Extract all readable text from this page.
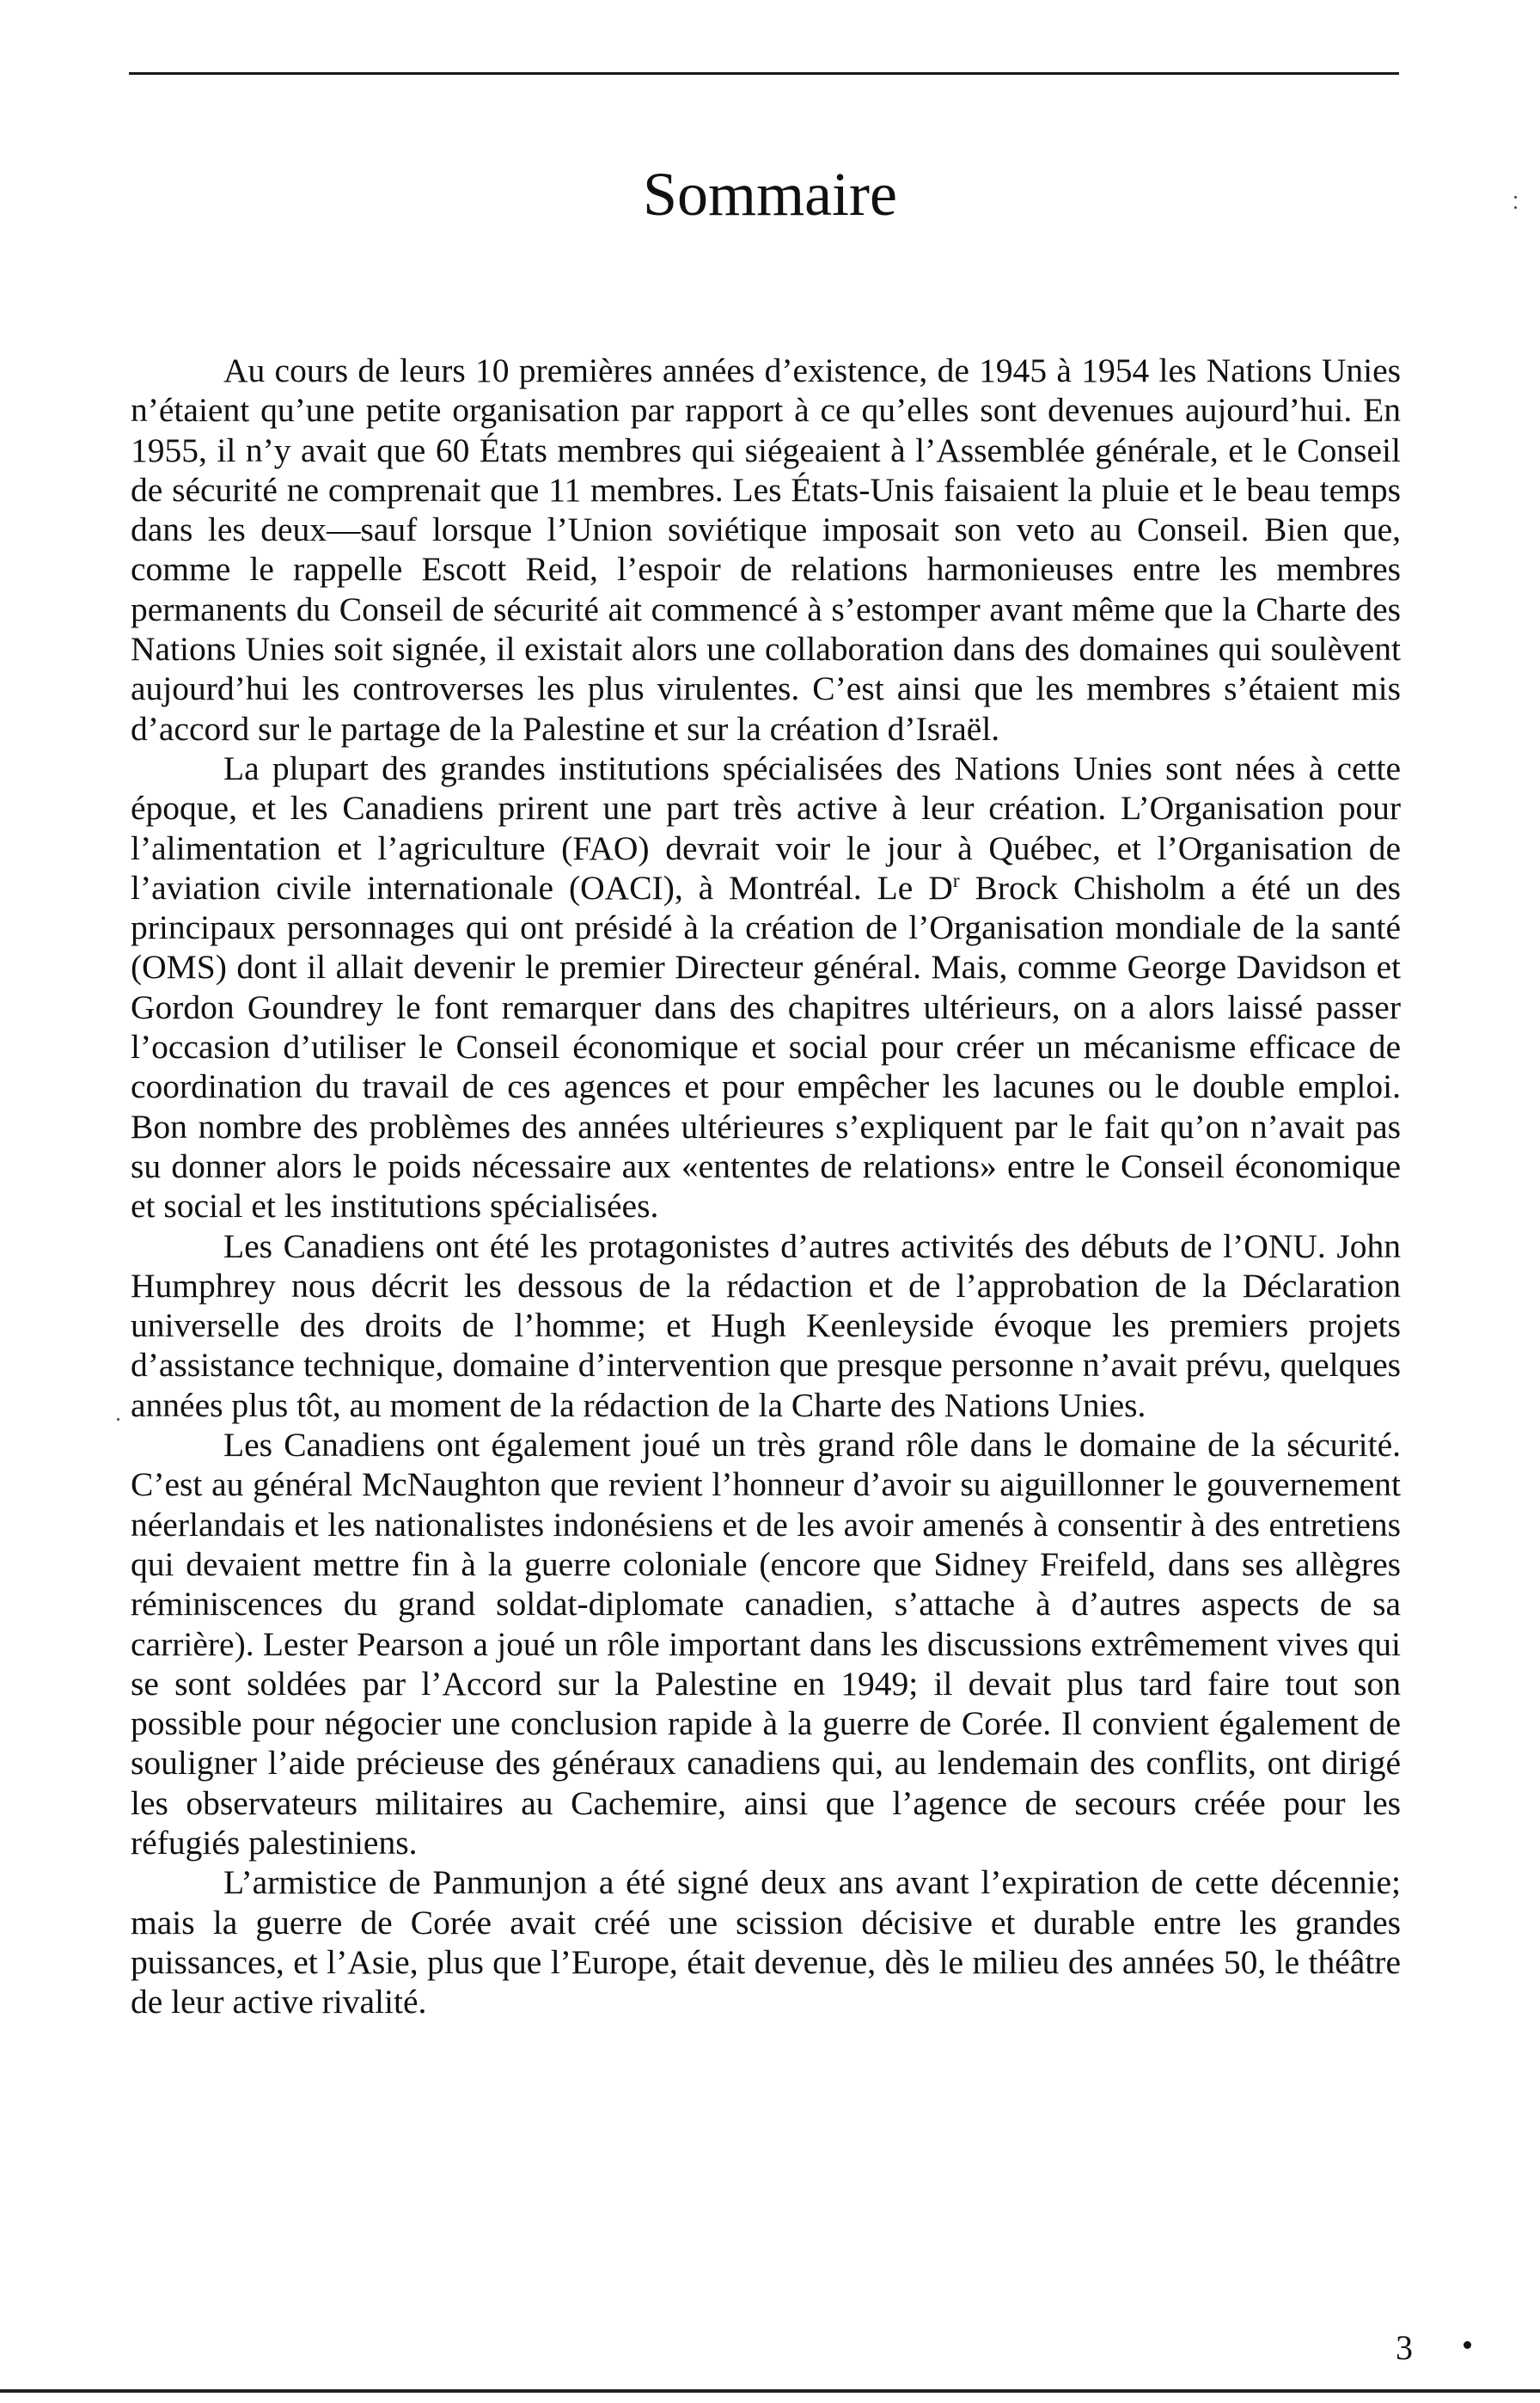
Sommaire

Au cours de leurs 10 premières années d’existence, de 1945 à 1954 les Nations Unies n’étaient qu’une petite organisation par rapport à ce qu’elles sont devenues aujourd’hui. En 1955, il n’y avait que 60 États membres qui siégeaient à l’Assemblée générale, et le Conseil de sécurité ne comprenait que 11 membres. Les États-Unis faisaient la pluie et le beau temps dans les deux—sauf lorsque l’Union soviétique imposait son veto au Conseil. Bien que, comme le rappelle Escott Reid, l’espoir de relations harmonieuses entre les membres permanents du Conseil de sécurité ait commencé à s’estomper avant même que la Charte des Nations Unies soit signée, il existait alors une collaboration dans des domaines qui soulèvent aujourd’hui les controverses les plus virulentes. C’est ainsi que les membres s’étaient mis d’accord sur le partage de la Palestine et sur la création d’Israël.

La plupart des grandes institutions spécialisées des Nations Unies sont nées à cette époque, et les Canadiens prirent une part très active à leur création. L’Organisation pour l’alimentation et l’agriculture (FAO) devrait voir le jour à Québec, et l’Organisation de l’aviation civile internationale (OACI), à Montréal. Le $D^r$ Brock Chisholm a été un des principaux personnages qui ont présidé à la création de l’Organisation mondiale de la santé (OMS) dont il allait devenir le premier Directeur général. Mais, comme George Davidson et Gordon Goundrey le font remarquer dans des chapitres ultérieurs, on a alors laissé passer l’occasion d’utiliser le Conseil économique et social pour créer un mécanisme efficace de coordination du travail de ces agences et pour empêcher les lacunes ou le double emploi. Bon nombre des problèmes des années ultérieures s’expliquent par le fait qu’on n’avait pas su donner alors le poids nécessaire aux «ententes de relations» entre le Conseil économique et social et les institutions spécialisées.

Les Canadiens ont été les protagonistes d’autres activités des débuts de l’ONU. John Humphrey nous décrit les dessous de la rédaction et de l’approbation de la Déclaration universelle des droits de l’homme; et Hugh Keenleyside évoque les premiers projets d’assistance technique, domaine d’intervention que presque personne n’avait prévu, quelques années plus tôt, au moment de la rédaction de la Charte des Nations Unies.

Les Canadiens ont également joué un très grand rôle dans le domaine de la sécurité. C’est au général McNaughton que revient l’honneur d’avoir su aiguillonner le gouvernement néerlandais et les nationalistes indonésiens et de les avoir amenés à consentir à des entretiens qui devaient mettre fin à la guerre coloniale (encore que Sidney Freifeld, dans ses allègres réminiscences du grand soldat-diplomate canadien, s’attache à d’autres aspects de sa carrière). Lester Pearson a joué un rôle important dans les discussions extrêmement vives qui se sont soldées par l’Accord sur la Palestine en 1949; il devait plus tard faire tout son possible pour négocier une conclusion rapide à la guerre de Corée. Il convient également de souligner l’aide précieuse des généraux canadiens qui, au lendemain des conflits, ont dirigé les observateurs militaires au Cachemire, ainsi que l’agence de secours créée pour les réfugiés palestiniens.

L’armistice de Panmunjon a été signé deux ans avant l’expiration de cette décennie; mais la guerre de Corée avait créé une scission décisive et durable entre les grandes puissances, et l’Asie, plus que l’Europe, était devenue, dès le milieu des années 50, le théâtre de leur active rivalité.

3
